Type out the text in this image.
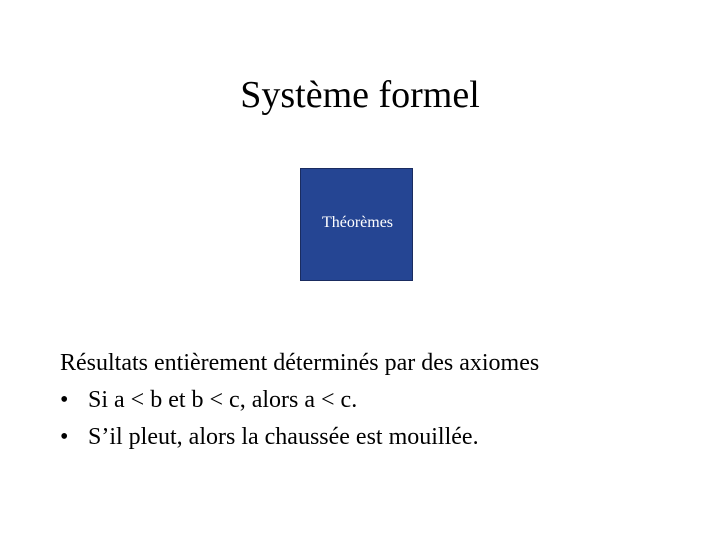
Système formel
Théorèmes
Résultats entièrement déterminés par des axiomes
• Si a < b et b < c, alors a < c.
• S’il pleut, alors la chaussée est mouillée.
